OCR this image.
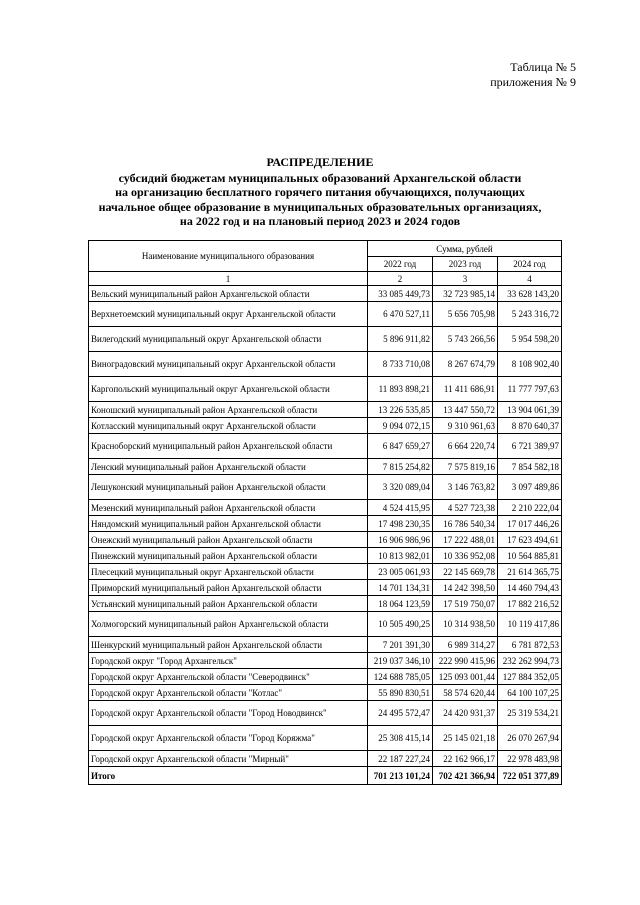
Таблица № 5
приложения № 9
РАСПРЕДЕЛЕНИЕ
субсидий бюджетам муниципальных образований Архангельской области
на организацию бесплатного горячего питания обучающихся, получающих
начальное общее образование в муниципальных образовательных организациях,
на 2022 год и на плановый период 2023 и 2024 годов
Наименование муниципального образования	Сумма, рублей		
	2022 год	2023 год	2024 год
1	2	3	4
Вельский муниципальный район Архангельской области	33 085 449,73	32 723 985,14	33 628 143,20
Верхнетоемский муниципальный округ Архангельской области	6 470 527,11	5 656 705,98	5 243 316,72
Вилегодский муниципальный округ Архангельской области	5 896 911,82	5 743 266,56	5 954 598,20
Виноградовский муниципальный округ Архангельской области	8 733 710,08	8 267 674,79	8 108 902,40
Каргопольский муниципальный округ Архангельской области	11 893 898,21	11 411 686,91	11 777 797,63
Коношский муниципальный район Архангельской области	13 226 535,85	13 447 550,72	13 904 061,39
Котласский муниципальный округ Архангельской области	9 094 072,15	9 310 961,63	8 870 640,37
Красноборский муниципальный район Архангельской области	6 847 659,27	6 664 220,74	6 721 389,97
Ленский муниципальный район Архангельской области	7 815 254,82	7 575 819,16	7 854 582,18
Лешуконский муниципальный район Архангельской области	3 320 089,04	3 146 763,82	3 097 489,86
Мезенский муниципальный район Архангельской области	4 524 415,95	4 527 723,38	2 210 222,04
Няндомский муниципальный район Архангельской области	17 498 230,35	16 786 540,34	17 017 446,26
Онежский муниципальный район Архангельской области	16 906 986,96	17 222 488,01	17 623 494,61
Пинежский муниципальный район Архангельской области	10 813 982,01	10 336 952,08	10 564 885,81
Плесецкий муниципальный округ Архангельской области	23 005 061,93	22 145 669,78	21 614 365,75
Приморский муниципальный район Архангельской области	14 701 134,31	14 242 398,50	14 460 794,43
Устьянский муниципальный район Архангельской области	18 064 123,59	17 519 750,07	17 882 216,52
Холмогорский муниципальный район Архангельской области	10 505 490,25	10 314 938,50	10 119 417,86
Шенкурский муниципальный район Архангельской области	7 201 391,30	6 989 314,27	6 781 872,53
Городской округ "Город Архангельск"	219 037 346,10	222 990 415,96	232 262 994,73
Городской округ Архангельской области "Северодвинск"	124 688 785,05	125 093 001,44	127 884 352,05
Городской округ Архангельской области "Котлас"	55 890 830,51	58 574 620,44	64 100 107,25
Городской округ Архангельской области "Город Новодвинск"	24 495 572,47	24 420 931,37	25 319 534,21
Городской округ Архангельской области "Город Коряжма"	25 308 415,14	25 145 021,18	26 070 267,94
Городской округ Архангельской области "Мирный"	22 187 227,24	22 162 966,17	22 978 483,98
Итого	701 213 101,24	702 421 366,94	722 051 377,89
